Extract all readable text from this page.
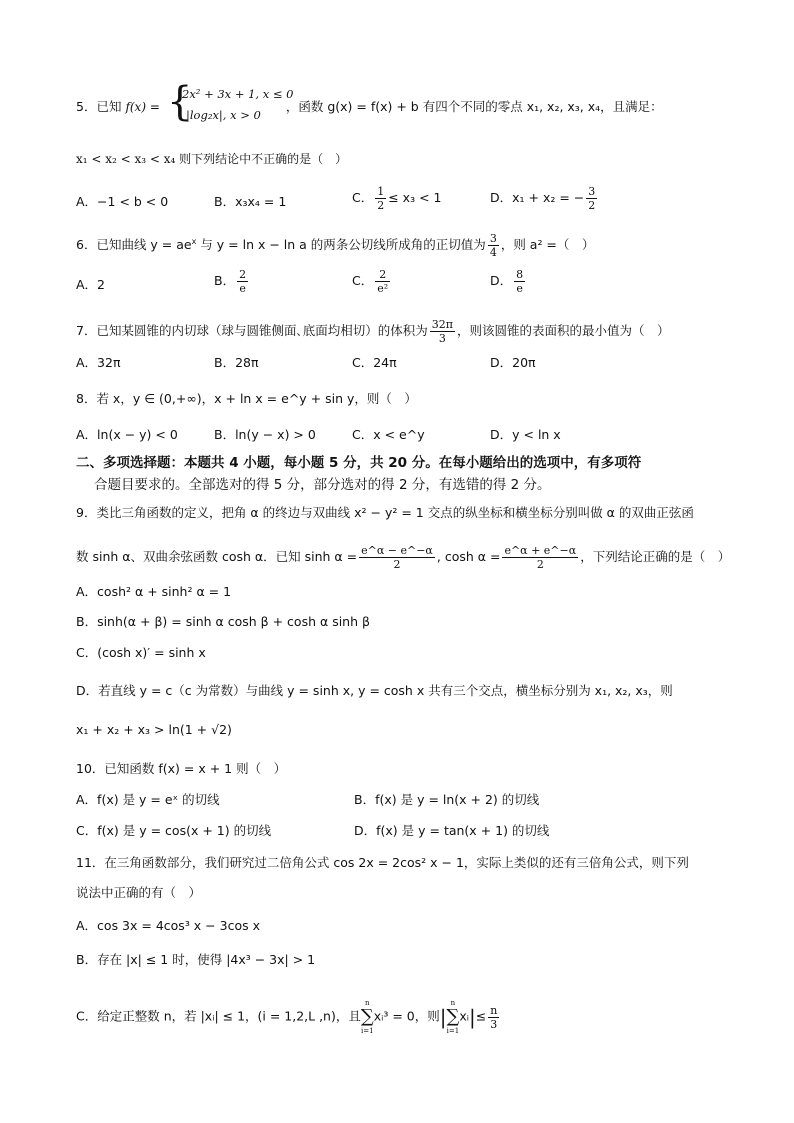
5．已知 f(x) =	，函数 g(x) = f(x) + b 有四个不同的零点 x₁, x₂, x₃, x₄，且满足：
{
2x² + 3x + 1, x ≤ 0
|log₂x|, x > 0
x₁ < x₂ < x₃ < x₄ 则下列结论中不正确的是（　）
A．−1 < b < 0	B．x₃x₄ = 1	C． $\frac{1}{2} \le x_3 < 1$	D．x₁ + x₂ = − $\frac{3}{2}$
6．已知曲线 $y = ae^x$ 与 y = ln x − ln a 的两条公切线所成角的正切值为 $\frac{3}{4}$ ，则 a² =（　）
A．2	B． $\frac{2}{e}$	C． $\frac{2}{\text{e²}}$	D． $\frac{8}{e}$
7．已知某圆锥的内切球（球与圆锥侧面､底面均相切）的体积为 $\frac{32\pi}{3}$ ，则该圆锥的表面积的最小值为（　）
A．32π	B．28π	C．24π	D．20π
8．若 x，y ∈ (0,+∞)，x + ln x = e^y + sin y，则（　）
A．ln(x − y) < 0	B．ln(y − x) > 0	C．x < e^y	D．y < ln x
二、多项选择题：本题共 4 小题，每小题 5 分，共 20 分。在每小题给出的选项中，有多项符
合题目要求的。全部选对的得 5 分，部分选对的得 2 分，有选错的得 2 分。
9．类比三角函数的定义，把角 α 的终边与双曲线 x² − y² = 1 交点的纵坐标和横坐标分别叫做 α 的双曲正弦函
数 sinh α、双曲余弦函数 cosh α．已知 $\sinh \alpha = \frac{e\^{}\alpha - e\^{}-\alpha}{2}$ , $\cosh \alpha = \frac{e\^{}\alpha + e\^{}-\alpha}{2}$ ，下列结论正确的是（　）
A．cosh² α + sinh² α = 1
B．sinh(α + β) = sinh α cosh β + cosh α sinh β
C．(cosh x)′ = sinh x
D．若直线 y = c（c 为常数）与曲线 y = sinh x, y = cosh x 共有三个交点，横坐标分别为 x₁, x₂, x₃，则
x₁ + x₂ + x₃ > ln(1 + √2)
10．已知函数 f(x) = x + 1 则（　）
A．f(x) 是 y = eˣ 的切线	B．f(x) 是 y = ln(x + 2) 的切线
C．f(x) 是 y = cos(x + 1) 的切线	D．f(x) 是 y = tan(x + 1) 的切线
11．在三角函数部分，我们研究过二倍角公式 cos 2x = 2cos² x − 1，实际上类似的还有三倍角公式，则下列
说法中正确的有（　）
A．cos 3x = 4cos³ x − 3cos x
B．存在 |x| ≤ 1 时，使得 |4x³ − 3x| > 1
C．给定正整数 n，若 |xᵢ| ≤ 1，(i = 1,2,L ,n)，且
n
∑
i=1
xᵢ³ = 0，则|
n
∑
i=1
xᵢ|≤ $\frac{n}{3}$
